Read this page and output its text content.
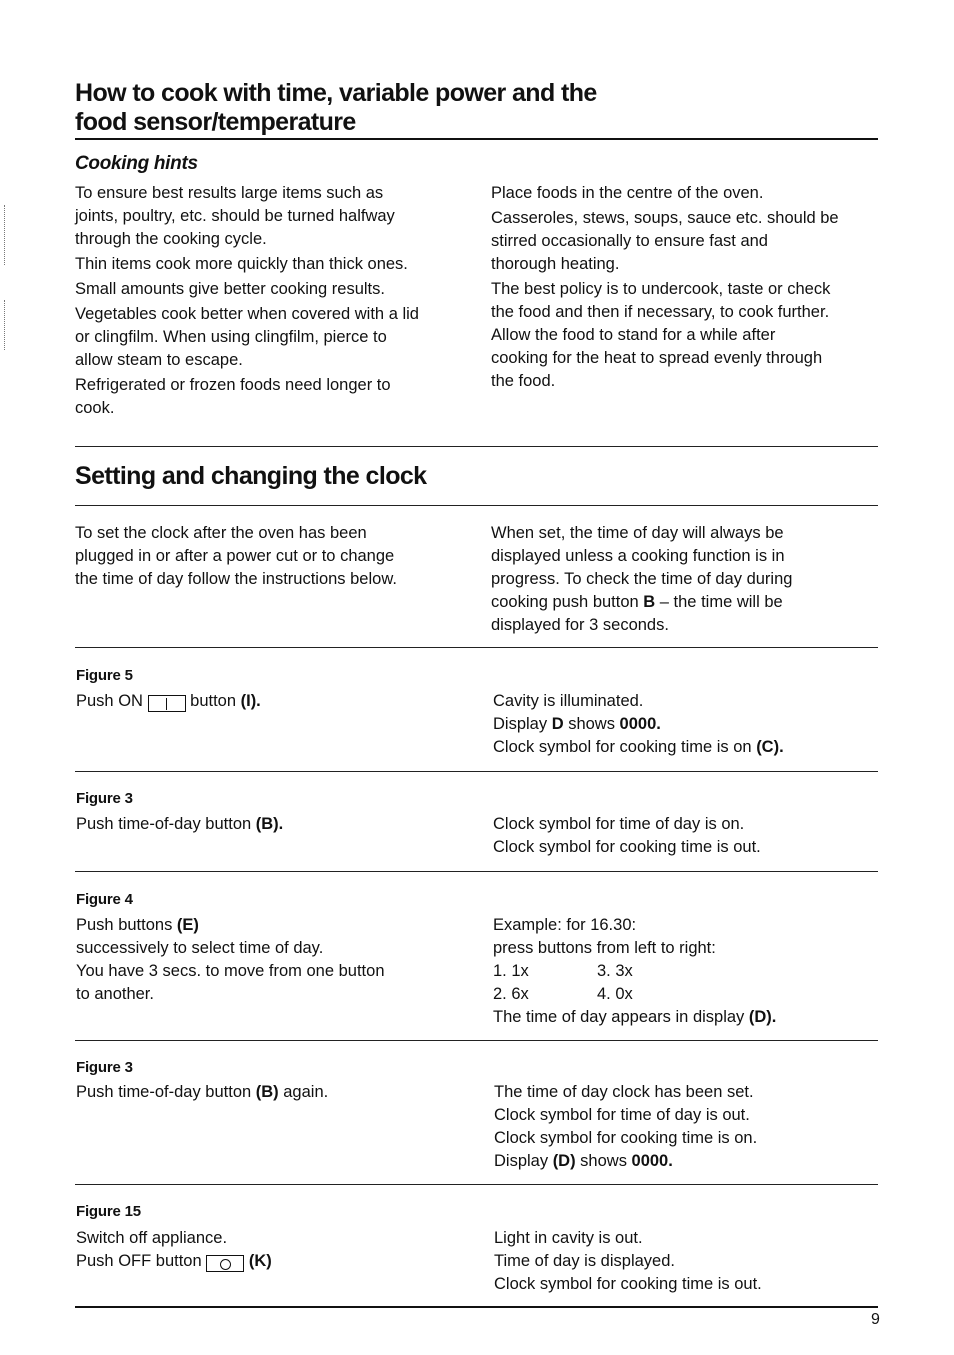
How to cook with time, variable power and the
food sensor/temperature
Cooking hints

To ensure best results large items such as
joints, poultry, etc. should be turned halfway
through the cooking cycle.

Thin items cook more quickly than thick ones.

Small amounts give better cooking results.

Vegetables cook better when covered with a lid
or clingfilm. When using clingfilm, pierce to
allow steam to escape.

Refrigerated or frozen foods need longer to
cook.

Place foods in the centre of the oven.

Casseroles, stews, soups, sauce etc. should be
stirred occasionally to ensure fast and
thorough heating.

The best policy is to undercook, taste or check
the food and then if necessary, to cook further.
Allow the food to stand for a while after
cooking for the heat to spread evenly through
the food.

Setting and changing the clock
To set the clock after the oven has been
plugged in or after a power cut or to change
the time of day follow the instructions below.
When set, the time of day will always be
displayed unless a cooking function is in
progress. To check the time of day during
cooking push button B – the time will be
displayed for 3 seconds.
Figure 5
Push ON	button (I).	Cavity is illuminated.
Display D shows 0000.
Clock symbol for cooking time is on (C).
Figure 3
Push time-of-day button (B).	Clock symbol for time of day is on.
Clock symbol for cooking time is out.
Figure 4
Push buttons (E)
successively to select time of day.
You have 3 secs. to move from one button
to another.
Example: for 16.30:
press buttons from left to right:
1. 1x	3. 3x
2. 6x	4. 0x
The time of day appears in display (D).
Figure 3
Push time-of-day button (B) again.	The time of day clock has been set.
Clock symbol for time of day is out.
Clock symbol for cooking time is on.
Display (D) shows 0000.
Figure 15
Switch off appliance.
Push OFF button	(K)
Light in cavity is out.
Time of day is displayed.
Clock symbol for cooking time is out.
9
